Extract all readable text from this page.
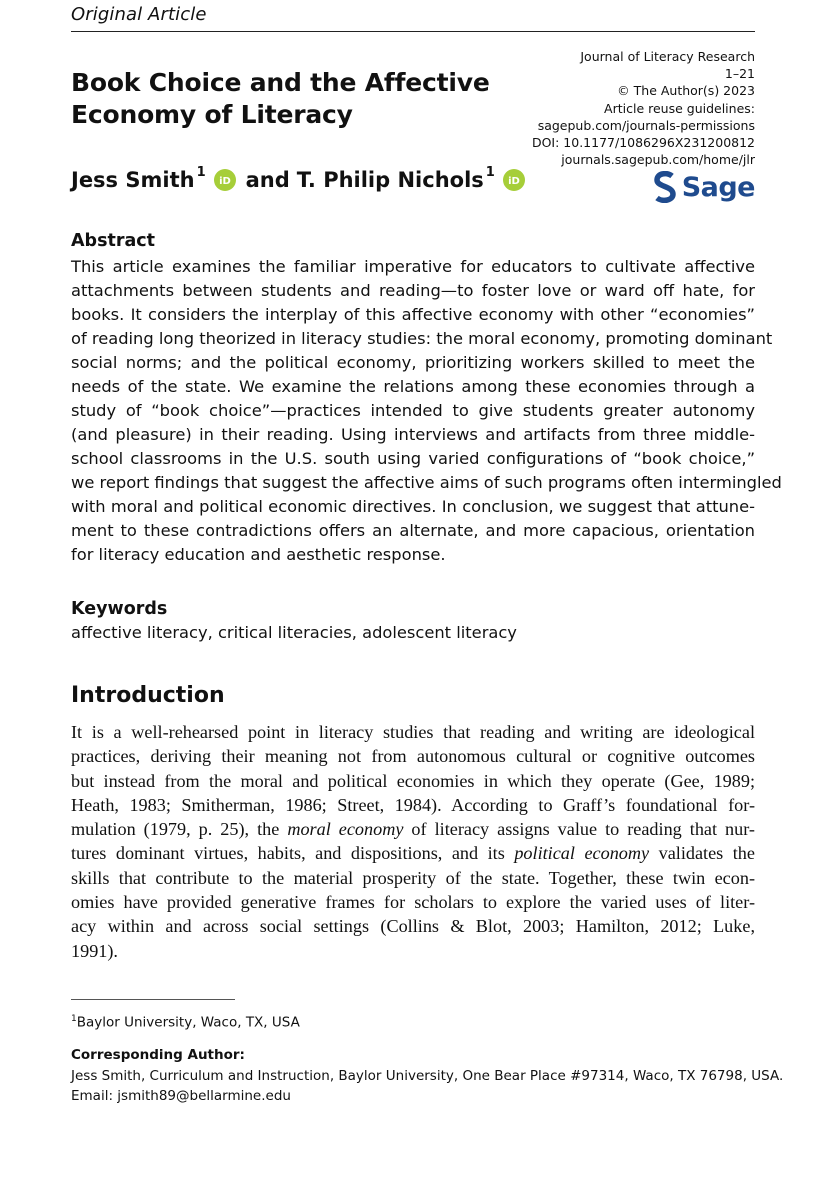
Original Article
Book Choice and the Affective
Economy of Literacy
Journal of Literacy Research
1–21
© The Author(s) 2023
Article reuse guidelines:
sagepub.com/journals-permissions
DOI: 10.1177/1086296X231200812
journals.sagepub.com/home/jlr
Sage
Jess Smith$^1$
iD and T. Philip Nichols$^1$
iD
Abstract
This article examines the familiar imperative for educators to cultivate affective
attachments between students and reading—to foster love or ward off hate, for
books. It considers the interplay of this affective economy with other “economies”
of reading long theorized in literacy studies: the moral economy, promoting dominant
social norms; and the political economy, prioritizing workers skilled to meet the
needs of the state. We examine the relations among these economies through a
study of “book choice”—practices intended to give students greater autonomy
(and pleasure) in their reading. Using interviews and artifacts from three middle-
school classrooms in the U.S. south using varied configurations of “book choice,”
we report findings that suggest the affective aims of such programs often intermingled
with moral and political economic directives. In conclusion, we suggest that attune-
ment to these contradictions offers an alternate, and more capacious, orientation
for literacy education and aesthetic response.
Keywords
affective literacy, critical literacies, adolescent literacy
Introduction
It is a well-rehearsed point in literacy studies that reading and writing are ideological
practices, deriving their meaning not from autonomous cultural or cognitive outcomes
but instead from the moral and political economies in which they operate (Gee, 1989;
Heath, 1983; Smitherman, 1986; Street, 1984). According to Graff’s foundational for-
mulation (1979, p. 25), the moral economy of literacy assigns value to reading that nur-
tures dominant virtues, habits, and dispositions, and its political economy validates the
skills that contribute to the material prosperity of the state. Together, these twin econ-
omies have provided generative frames for scholars to explore the varied uses of liter-
acy within and across social settings (Collins & Blot, 2003; Hamilton, 2012; Luke,
1991).
$^1$Baylor University, Waco, TX, USA
Corresponding Author:
Jess Smith, Curriculum and Instruction, Baylor University, One Bear Place #97314, Waco, TX 76798, USA.
Email: jsmith89@bellarmine.edu
